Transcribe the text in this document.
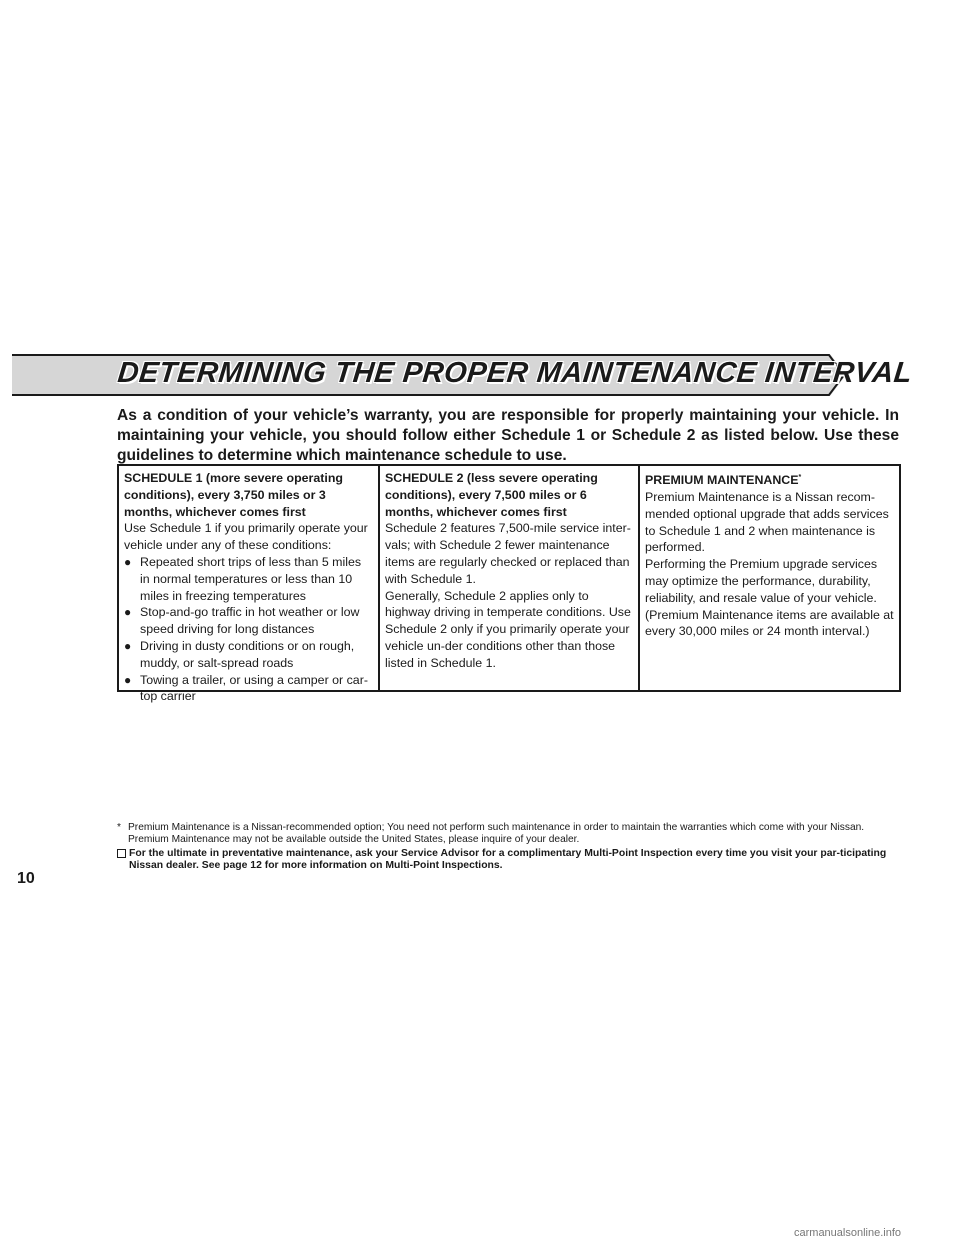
DETERMINING THE PROPER MAINTENANCE INTERVAL
As a condition of your vehicle’s warranty, you are responsible for properly maintaining your vehicle. In maintaining your vehicle, you should follow either Schedule 1 or Schedule 2 as listed below. Use these guidelines to determine which maintenance schedule to use.
SCHEDULE 1 (more severe operating conditions), every 3,750 miles or 3 months, whichever comes first
Use Schedule 1 if you primarily operate your vehicle under any of these conditions:
● Repeated short trips of less than 5 miles in normal temperatures or less than 10 miles in freezing temperatures
● Stop-and-go traffic in hot weather or low speed driving for long distances
● Driving in dusty conditions or on rough, muddy, or salt-spread roads
● Towing a trailer, or using a camper or car-top carrier
SCHEDULE 2 (less severe operating conditions), every 7,500 miles or 6 months, whichever comes first
Schedule 2 features 7,500-mile service inter-vals; with Schedule 2 fewer maintenance items are regularly checked or replaced than with Schedule 1.
Generally, Schedule 2 applies only to highway driving in temperate conditions. Use Schedule 2 only if you primarily operate your vehicle un-der conditions other than those listed in Schedule 1.
PREMIUM MAINTENANCE*
Premium Maintenance is a Nissan recom-mended optional upgrade that adds services to Schedule 1 and 2 when maintenance is performed.
Performing the Premium upgrade services may optimize the performance, durability, reliability, and resale value of your vehicle. (Premium Maintenance items are available at every 30,000 miles or 24 month interval.)
* Premium Maintenance is a Nissan-recommended option; You need not perform such maintenance in order to maintain the warranties which come with your Nissan. Premium Maintenance may not be available outside the United States, please inquire of your dealer.
For the ultimate in preventative maintenance, ask your Service Advisor for a complimentary Multi-Point Inspection every time you visit your par-ticipating Nissan dealer. See page 12 for more information on Multi-Point Inspections.
10
carmanualsonline.info
